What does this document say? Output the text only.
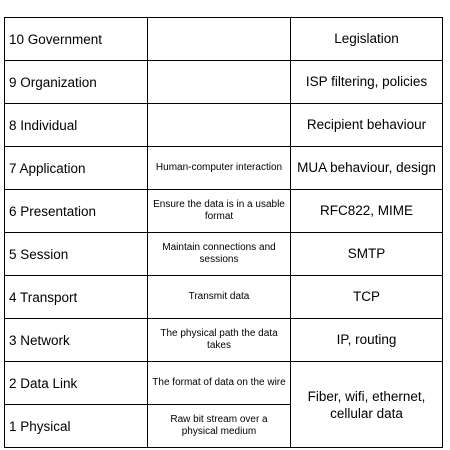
10 Government		Legislation
9 Organization		ISP filtering, policies
8 Individual		Recipient behaviour
7 Application	Human-computer interaction	MUA behaviour, design
6 Presentation	Ensure the data is in a usable format	RFC822, MIME
5 Session	Maintain connections and sessions	SMTP
4 Transport	Transmit data	TCP
3 Network	The physical path the data takes	IP, routing
2 Data Link	The format of data on the wire	Fiber, wifi, ethernet, cellular data
1 Physical	Raw bit stream over a physical medium	
